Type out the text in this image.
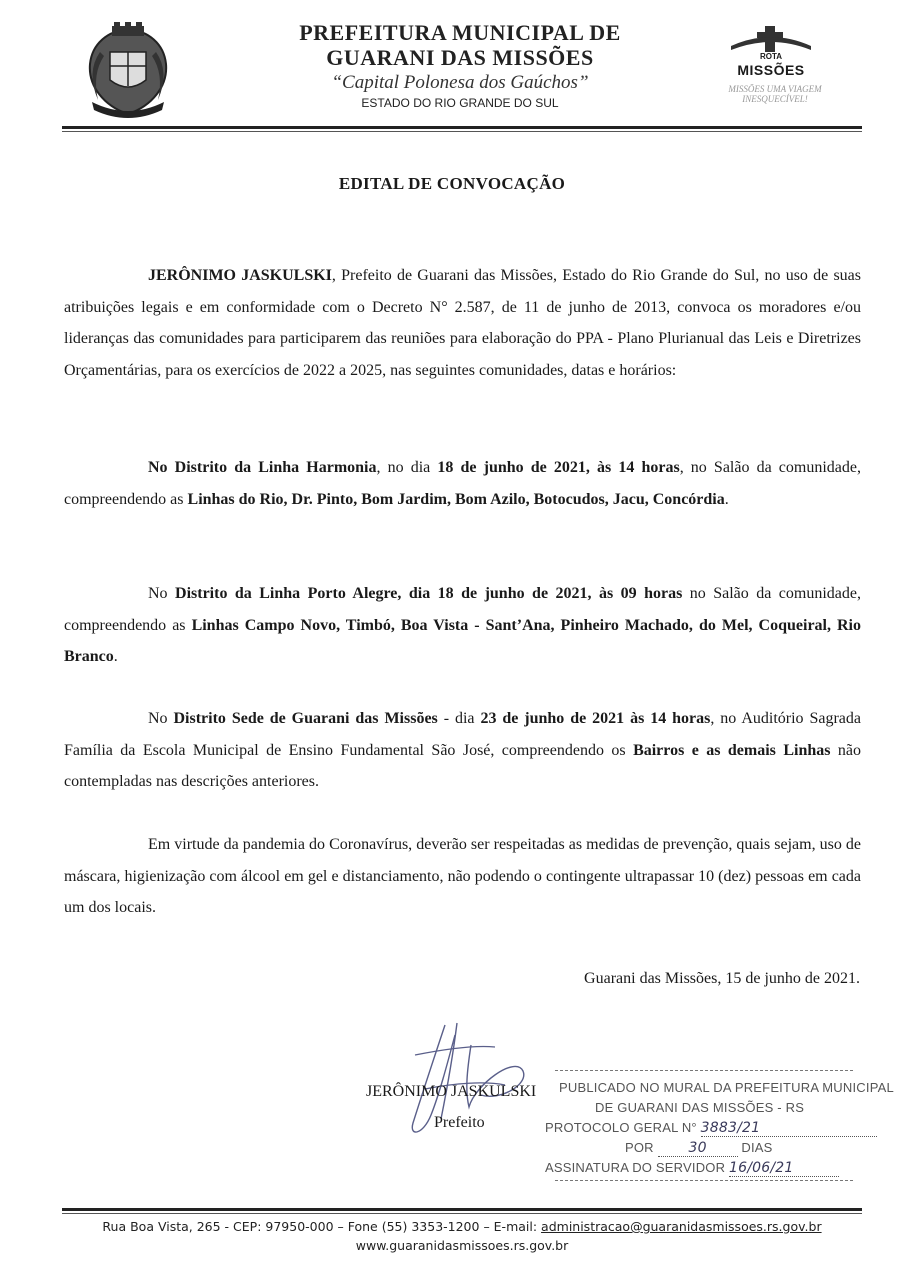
PREFEITURA MUNICIPAL DE
GUARANI DAS MISSÕES
“Capital Polonesa dos Gaúchos”
ESTADO DO RIO GRANDE DO SUL
ROTA
MISSÕES
MISSÕES UMA VIAGEM
INESQUECÍVEL!
EDITAL DE CONVOCAÇÃO
JERÔNIMO JASKULSKI, Prefeito de Guarani das Missões, Estado do Rio Grande do Sul, no uso de suas atribuições legais e em conformidade com o Decreto N° 2.587, de 11 de junho de 2013, convoca os moradores e/ou lideranças das comunidades para participarem das reuniões para elaboração do PPA - Plano Plurianual das Leis e Diretrizes Orçamentárias, para os exercícios de 2022 a 2025, nas seguintes comunidades, datas e horários:
No Distrito da Linha Harmonia, no dia 18 de junho de 2021, às 14 horas, no Salão da comunidade, compreendendo as Linhas do Rio, Dr. Pinto, Bom Jardim, Bom Azilo, Botocudos, Jacu, Concórdia.
No Distrito da Linha Porto Alegre, dia 18 de junho de 2021, às 09 horas no Salão da comunidade, compreendendo as Linhas Campo Novo, Timbó, Boa Vista - Sant’Ana, Pinheiro Machado, do Mel, Coqueiral, Rio Branco.
No Distrito Sede de Guarani das Missões - dia 23 de junho de 2021 às 14 horas, no Auditório Sagrada Família da Escola Municipal de Ensino Fundamental São José, compreendendo os Bairros e as demais Linhas não contempladas nas descrições anteriores.
Em virtude da pandemia do Coronavírus, deverão ser respeitadas as medidas de prevenção, quais sejam, uso de máscara, higienização com álcool em gel e distanciamento, não podendo o contingente ultrapassar 10 (dez) pessoas em cada um dos locais.
Guarani das Missões, 15 de junho de 2021.
JERÔNIMO JASKULSKI
Prefeito
PUBLICADO NO MURAL DA PREFEITURA MUNICIPAL
DE GUARANI DAS MISSÕES - RS
PROTOCOLO GERAL N° 3883/21
POR 30	DIAS
ASSINATURA DO SERVIDOR 16/06/21
Rua Boa Vista, 265 - CEP: 97950-000 – Fone (55) 3353-1200 – E-mail: administracao@guaranidasmissoes.rs.gov.br
www.guaranidasmissoes.rs.gov.br
